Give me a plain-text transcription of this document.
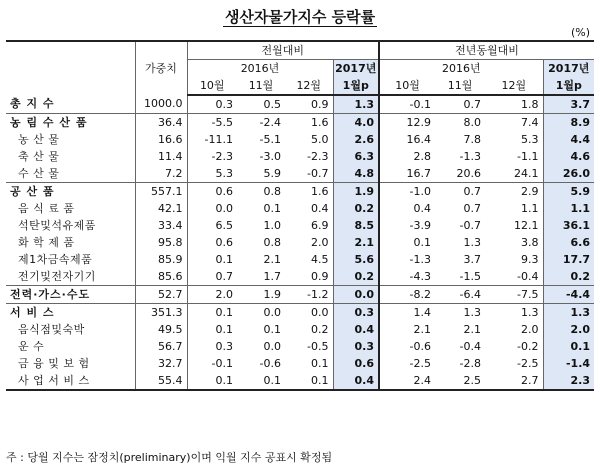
생산자물가지수 등락률
(%)
	가중치	전월대비				전년동월대비			
		2016년			2017년	2016년			2017년
		10월	11월	12월	1월p	10월	11월	12월	1월p
총 지 수	1000.0	0.3	0.5	0.9	1.3	-0.1	0.7	1.8	3.7
농 림 수 산 품	36.4	-5.5	-2.4	1.6	4.0	12.9	8.0	7.4	8.9
농 산 물	16.6	-11.1	-5.1	5.0	2.6	16.4	7.8	5.3	4.4
축 산 물	11.4	-2.3	-3.0	-2.3	6.3	2.8	-1.3	-1.1	4.6
수 산 물	7.2	5.3	5.9	-0.7	4.8	16.7	20.6	24.1	26.0
공 산 품	557.1	0.6	0.8	1.6	1.9	-1.0	0.7	2.9	5.9
음 식 료 품	42.1	0.0	0.1	0.4	0.2	0.4	0.7	1.1	1.1
석탄및석유제품	33.4	6.5	1.0	6.9	8.5	-3.9	-0.7	12.1	36.1
화 학 제 품	95.8	0.6	0.8	2.0	2.1	0.1	1.3	3.8	6.6
제1차금속제품	85.9	0.1	2.1	4.5	5.6	-1.3	3.7	9.3	17.7
전기및전자기기	85.6	0.7	1.7	0.9	0.2	-4.3	-1.5	-0.4	0.2
전력·가스·수도	52.7	2.0	1.9	-1.2	0.0	-8.2	-6.4	-7.5	-4.4
서 비 스	351.3	0.1	0.0	0.0	0.3	1.4	1.3	1.3	1.3
음식점및숙박	49.5	0.1	0.1	0.2	0.4	2.1	2.1	2.0	2.0
운 수	56.7	0.3	0.0	-0.5	0.3	-0.6	-0.4	-0.2	0.1
금 융 및 보 험	32.7	-0.1	-0.6	0.1	0.6	-2.5	-2.8	-2.5	-1.4
사 업 서 비 스	55.4	0.1	0.1	0.1	0.4	2.4	2.5	2.7	2.3
주 : 당월 지수는 잠정치(preliminary)이며 익월 지수 공표시 확정됨
